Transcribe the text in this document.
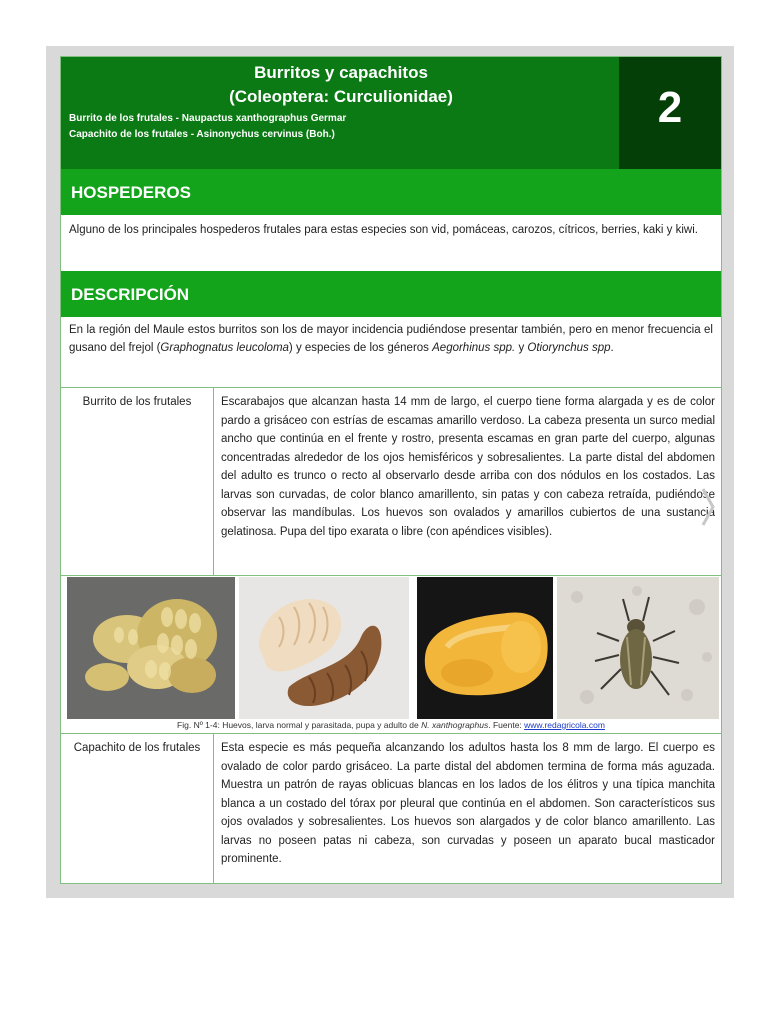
Burritos y capachitos
(Coleoptera: Curculionidae)
Burrito de los frutales - Naupactus xanthographus Germar
Capachito de los frutales - Asinonychus cervinus (Boh.)
2
HOSPEDEROS
Alguno de los principales hospederos frutales para estas especies son vid, pomáceas, carozos, cítricos, berries, kaki y kiwi.
DESCRIPCIÓN
En la región del Maule estos burritos son los de mayor incidencia pudiéndose presentar también, pero en menor frecuencia el gusano del frejol (Graphognatus leucoloma) y especies de los géneros Aegorhinus spp. y Otiorynchus spp.
Burrito de los frutales	Escarabajos que alcanzan hasta 14 mm de largo, el cuerpo tiene forma alargada y es de color pardo a grisáceo con estrías de escamas amarillo verdoso. La cabeza presenta un surco medial ancho que continúa en el frente y rostro, presenta escamas en gran parte del cuerpo, algunas concentradas alrededor de los ojos hemisféricos y sobresalientes. La parte distal del abdomen del adulto es trunco o recto al observarlo desde arriba con dos nódulos en los costados. Las larvas son curvadas, de color blanco amarillento, sin patas y con cabeza retraída, pudiéndose observar las mandíbulas. Los huevos son ovalados y amarillos cubiertos de una sustancia gelatinosa. Pupa del tipo exarata o libre (con apéndices visibles).
Fig. Nº 1-4: Huevos, larva normal y parasitada, pupa y adulto de N. xanthographus. Fuente: www.redagricola.com
Capachito de los frutales	Esta especie es más pequeña alcanzando los adultos hasta los 8 mm de largo. El cuerpo es ovalado de color pardo grisáceo. La parte distal del abdomen termina de forma más aguzada. Muestra un patrón de rayas oblicuas blancas en los lados de los élitros y una típica manchita blanca a un costado del tórax por pleural que continúa en el abdomen. Son característicos sus ojos ovalados y sobresalientes. Los huevos son alargados y de color blanco amarillento. Las larvas no poseen patas ni cabeza, son curvadas y poseen un aparato bucal masticador prominente.
